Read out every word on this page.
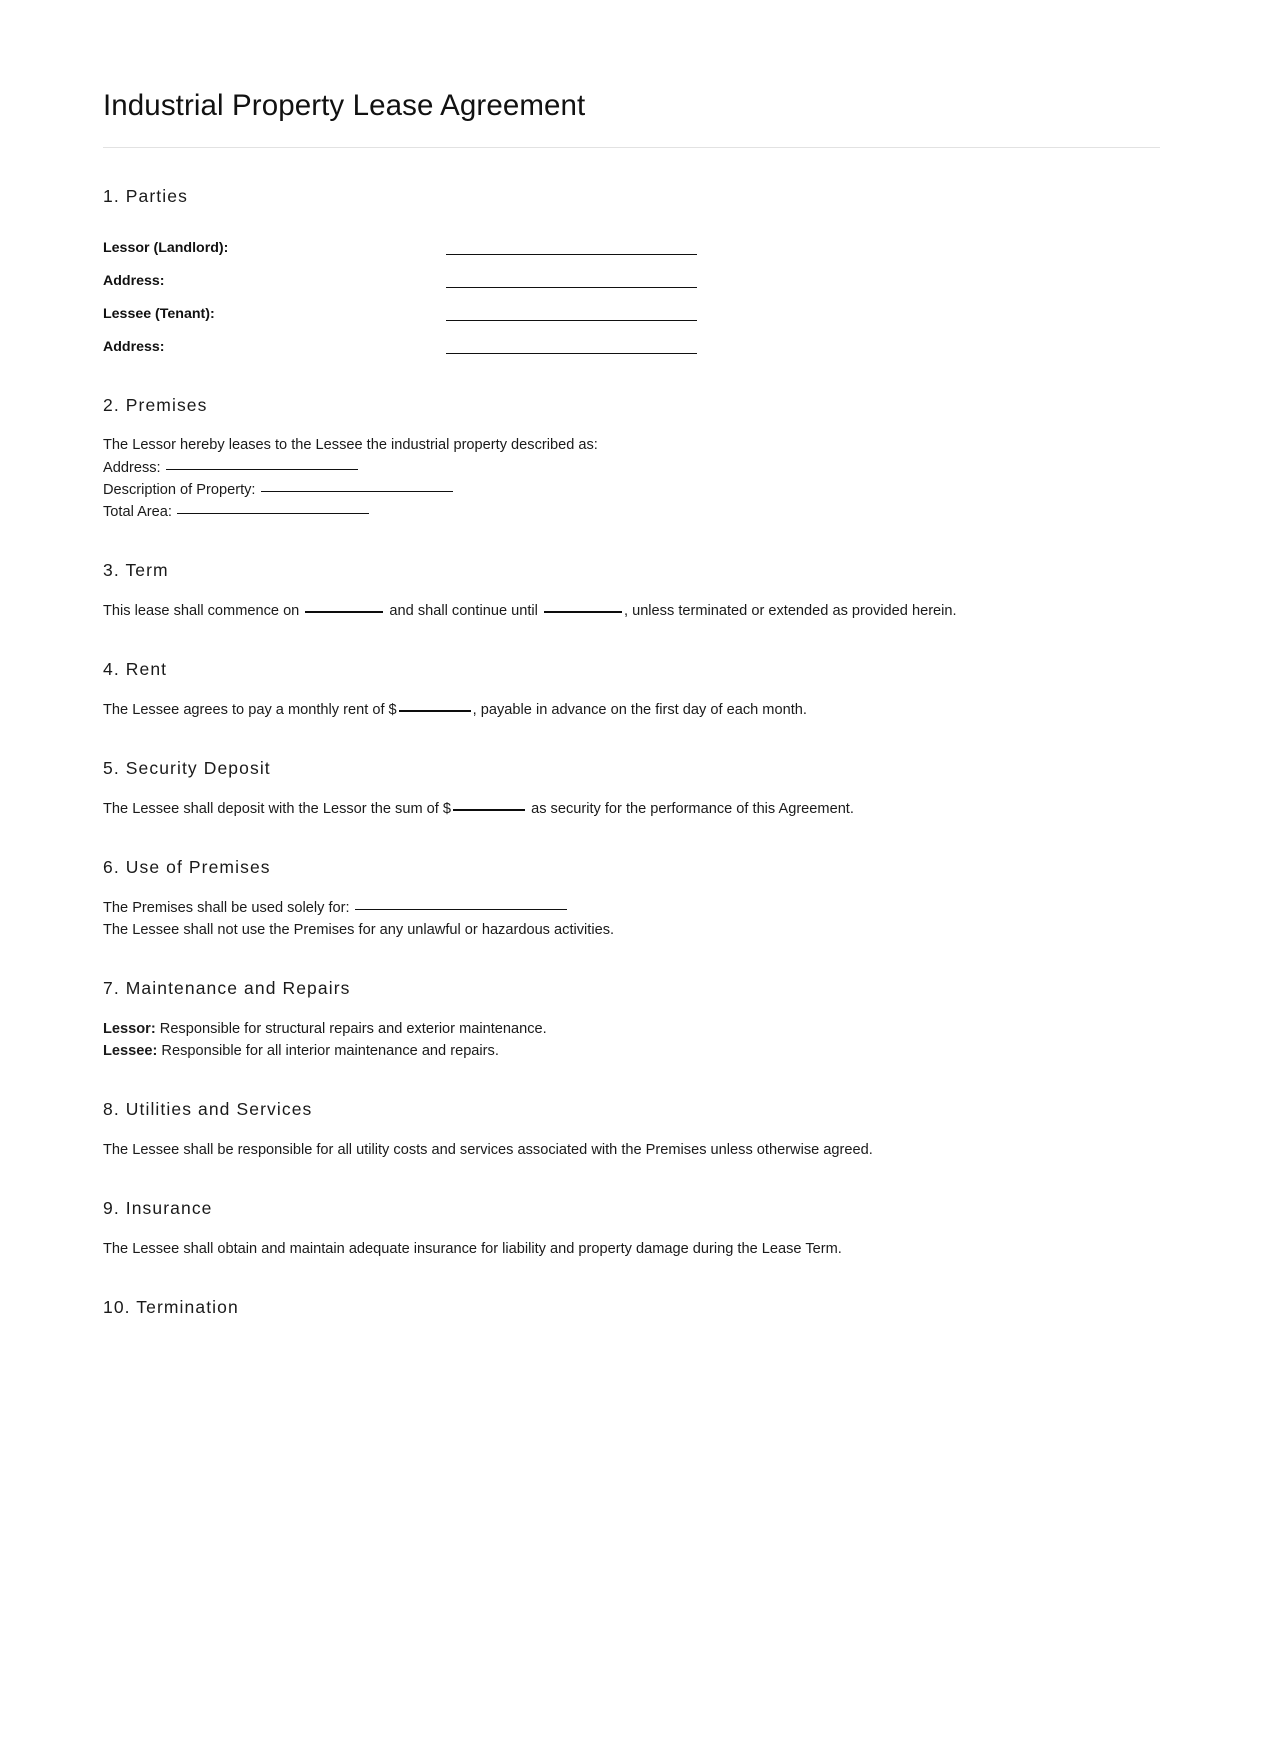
Industrial Property Lease Agreement
1. Parties
Lessor (Landlord):	

Address:	

Lessee (Tenant):	

Address:	
2. Premises

The Lessor hereby leases to the Lessee the industrial property described as:

Address:

Description of Property:

Total Area:

3. Term

This lease shall commence on	and shall continue until	, unless terminated or extended as provided herein.

4. Rent

The Lessee agrees to pay a monthly rent of $	, payable in advance on the first day of each month.

5. Security Deposit

The Lessee shall deposit with the Lessor the sum of $	as security for the performance of this Agreement.

6. Use of Premises

The Premises shall be used solely for:

The Lessee shall not use the Premises for any unlawful or hazardous activities.

7. Maintenance and Repairs

Lessor: Responsible for structural repairs and exterior maintenance.

Lessee: Responsible for all interior maintenance and repairs.

8. Utilities and Services

The Lessee shall be responsible for all utility costs and services associated with the Premises unless otherwise agreed.

9. Insurance

The Lessee shall obtain and maintain adequate insurance for liability and property damage during the Lease Term.

10. Termination
